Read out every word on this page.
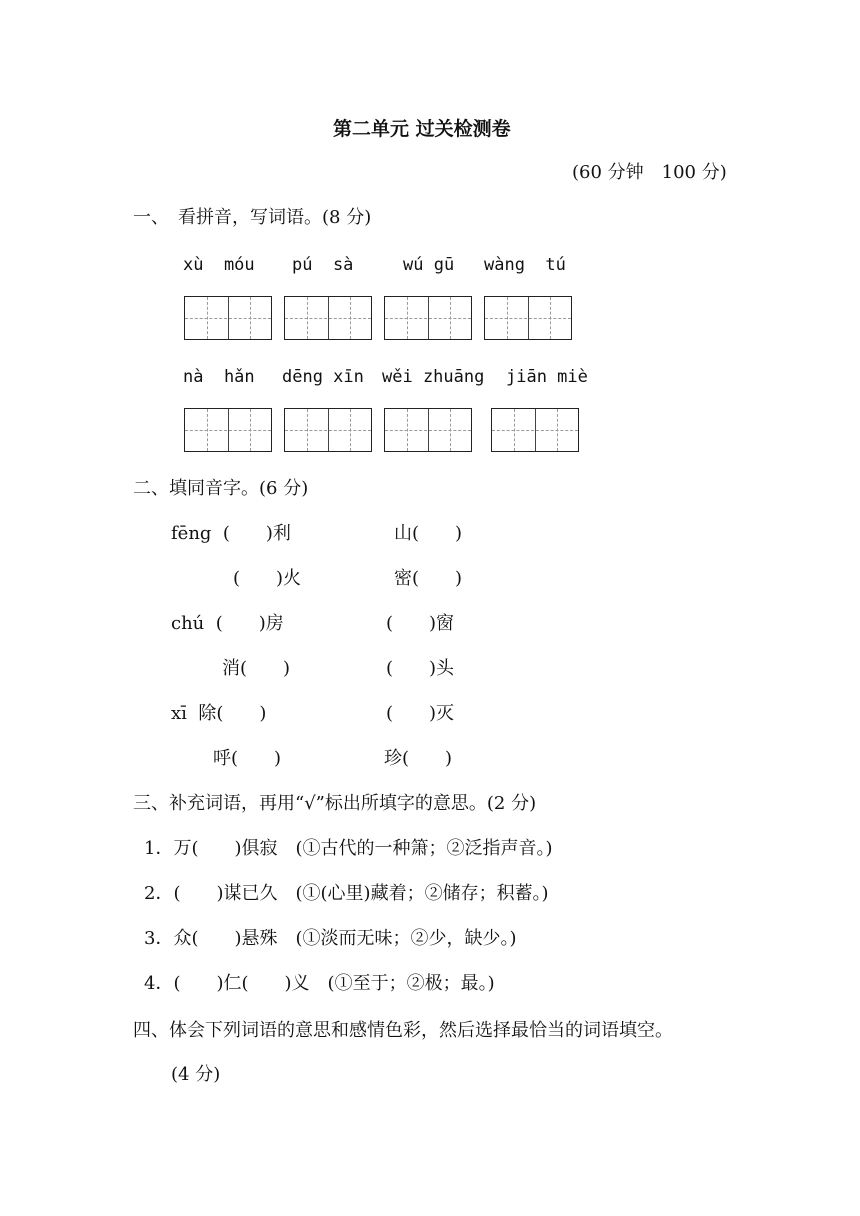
第二单元 过关检测卷
(60 分钟　100 分)
一、　看拼音，写词语。(8 分)
xù  móu pú  sà	wú gū wàng  tú
nà  hǎn dēng xīn wěi zhuāng jiān miè
二、填同音字。(6 分)
fēng  (　　)利	山(　　)
(　　)火	密(　　)
chú  (　　)房	(　　)窗
消(　　)	(　　)头
xī  除(　　)	(　　)灭
呼(　　)	珍(　　)
三、补充词语，再用“√”标出所填字的意思。(2 分)
1．万(　　)俱寂　(①古代的一种箫；②泛指声音。)
2．(　　)谋已久　(①(心里)藏着；②储存；积蓄。)
3．众(　　)悬殊　(①淡而无味；②少，缺少。)
4．(　　)仁(　　)义　(①至于；②极；最。)
四、体会下列词语的意思和感情色彩，然后选择最恰当的词语填空。
(4 分)
